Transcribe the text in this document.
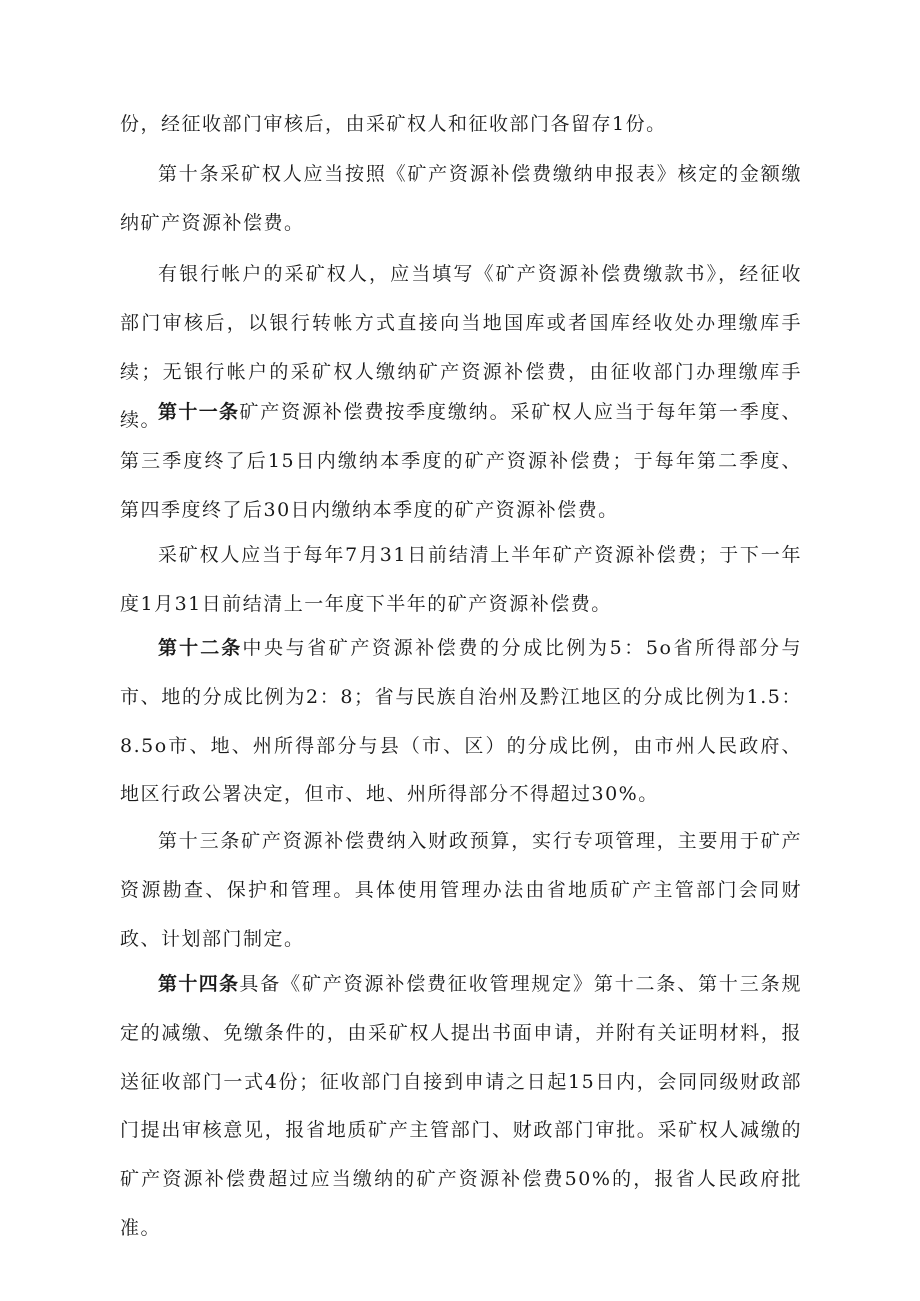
份，经征收部门审核后，由采矿权人和征收部门各留存1份。

第十条采矿权人应当按照《矿产资源补偿费缴纳申报表》核定的金额缴纳矿产资源补偿费。

有银行帐户的采矿权人，应当填写《矿产资源补偿费缴款书》，经征收部门审核后，以银行转帐方式直接向当地国库或者国库经收处办理缴库手续；无银行帐户的采矿权人缴纳矿产资源补偿费，由征收部门办理缴库手续。

第十一条矿产资源补偿费按季度缴纳。采矿权人应当于每年第一季度、第三季度终了后15日内缴纳本季度的矿产资源补偿费；于每年第二季度、第四季度终了后30日内缴纳本季度的矿产资源补偿费。

采矿权人应当于每年7月31日前结清上半年矿产资源补偿费；于下一年度1月31日前结清上一年度下半年的矿产资源补偿费。

第十二条中央与省矿产资源补偿费的分成比例为5：5o省所得部分与市、地的分成比例为2：8；省与民族自治州及黔江地区的分成比例为1.5：8.5o市、地、州所得部分与县（市、区）的分成比例，由市州人民政府、地区行政公署决定，但市、地、州所得部分不得超过30%。

第十三条矿产资源补偿费纳入财政预算，实行专项管理，主要用于矿产资源勘查、保护和管理。具体使用管理办法由省地质矿产主管部门会同财政、计划部门制定。

第十四条具备《矿产资源补偿费征收管理规定》第十二条、第十三条规定的减缴、免缴条件的，由采矿权人提出书面申请，并附有关证明材料，报送征收部门一式4份；征收部门自接到申请之日起15日内，会同同级财政部门提出审核意见，报省地质矿产主管部门、财政部门审批。采矿权人减缴的矿产资源补偿费超过应当缴纳的矿产资源补偿费50%的，报省人民政府批准。
